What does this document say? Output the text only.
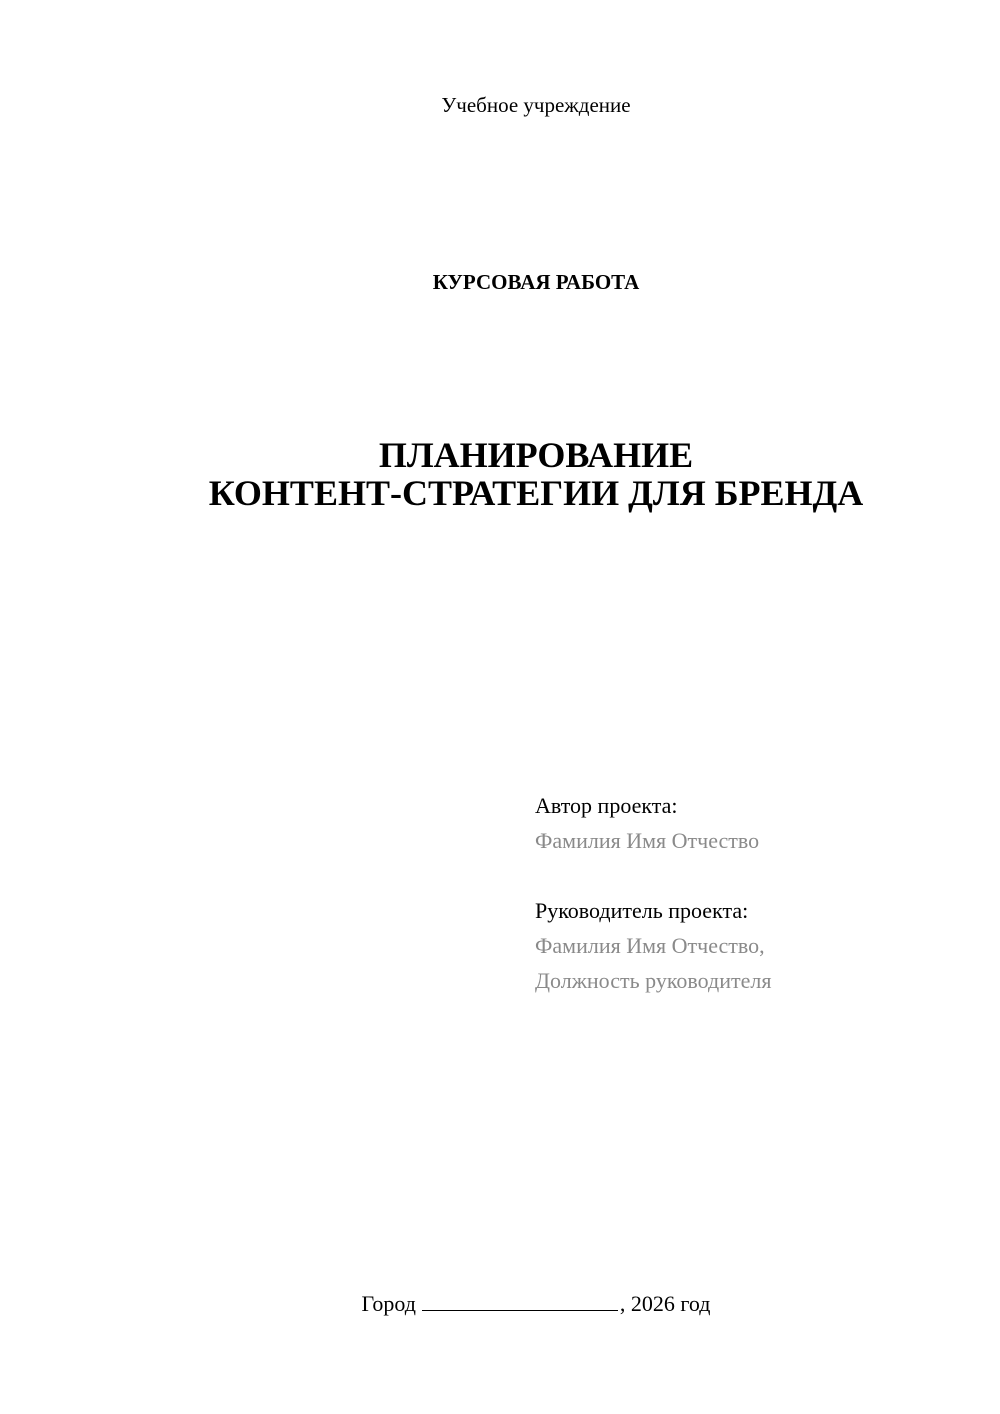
Учебное учреждение
КУРСОВАЯ РАБОТА
ПЛАНИРОВАНИЕ
КОНТЕНТ-СТРАТЕГИИ ДЛЯ БРЕНДА
Автор проекта:
Фамилия Имя Отчество
Руководитель проекта:
Фамилия Имя Отчество,
Должность руководителя
Город	, 2026 год
